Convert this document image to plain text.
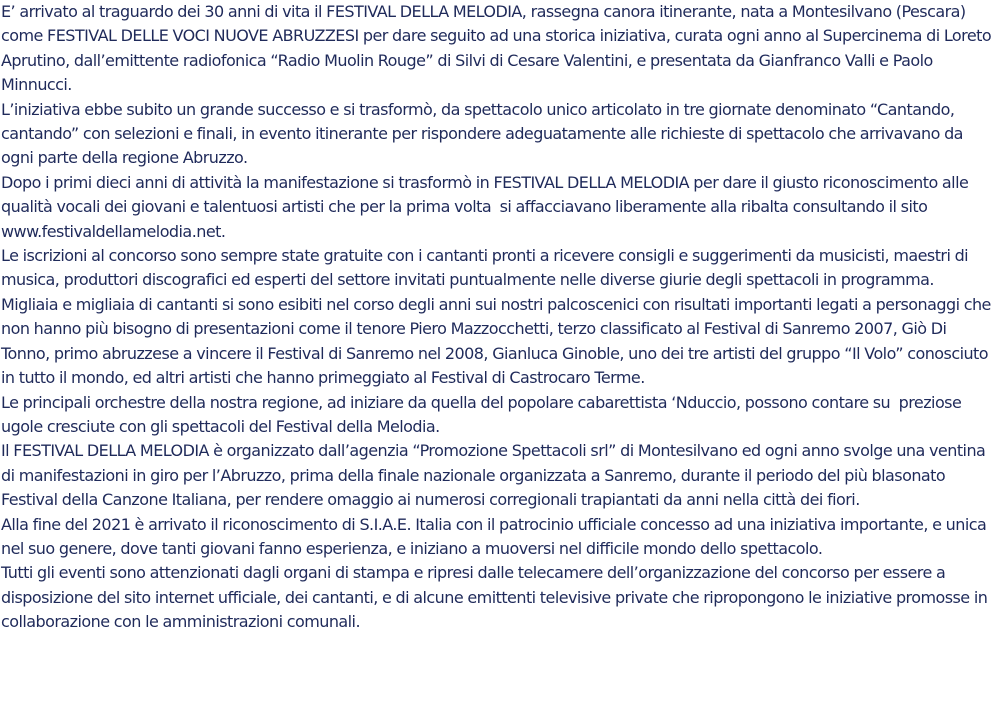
E’ arrivato al traguardo dei 30 anni di vita il FESTIVAL DELLA MELODIA, rassegna canora itinerante, nata a Montesilvano (Pescara) come FESTIVAL DELLE VOCI NUOVE ABRUZZESI per dare seguito ad una storica iniziativa, curata ogni anno al Supercinema di Loreto Aprutino, dall’emittente radiofonica “Radio Muolin Rouge” di Silvi di Cesare Valentini, e presentata da Gianfranco Valli e Paolo Minnucci.

L’iniziativa ebbe subito un grande successo e si trasformò, da spettacolo unico articolato in tre giornate denominato “Cantando, cantando” con selezioni e finali, in evento itinerante per rispondere adeguatamente alle richieste di spettacolo che arrivavano da ogni parte della regione Abruzzo.

Dopo i primi dieci anni di attività la manifestazione si trasformò in FESTIVAL DELLA MELODIA per dare il giusto riconoscimento alle qualità vocali dei giovani e talentuosi artisti che per la prima volta  si affacciavano liberamente alla ribalta consultando il sito www.festivaldellamelodia.net.

Le iscrizioni al concorso sono sempre state gratuite con i cantanti pronti a ricevere consigli e suggerimenti da musicisti, maestri di musica, produttori discografici ed esperti del settore invitati puntualmente nelle diverse giurie degli spettacoli in programma.

Migliaia e migliaia di cantanti si sono esibiti nel corso degli anni sui nostri palcoscenici con risultati importanti legati a personaggi che non hanno più bisogno di presentazioni come il tenore Piero Mazzocchetti, terzo classificato al Festival di Sanremo 2007, Giò Di Tonno, primo abruzzese a vincere il Festival di Sanremo nel 2008, Gianluca Ginoble, uno dei tre artisti del gruppo “Il Volo” conosciuto in tutto il mondo, ed altri artisti che hanno primeggiato al Festival di Castrocaro Terme.

Le principali orchestre della nostra regione, ad iniziare da quella del popolare cabarettista ‘Nduccio, possono contare su  preziose ugole cresciute con gli spettacoli del Festival della Melodia.

Il FESTIVAL DELLA MELODIA è organizzato dall’agenzia “Promozione Spettacoli srl” di Montesilvano ed ogni anno svolge una ventina di manifestazioni in giro per l’Abruzzo, prima della finale nazionale organizzata a Sanremo, durante il periodo del più blasonato Festival della Canzone Italiana, per rendere omaggio ai numerosi corregionali trapiantati da anni nella città dei fiori.

Alla fine del 2021 è arrivato il riconoscimento di S.I.A.E. Italia con il patrocinio ufficiale concesso ad una iniziativa importante, e unica nel suo genere, dove tanti giovani fanno esperienza, e iniziano a muoversi nel difficile mondo dello spettacolo.

Tutti gli eventi sono attenzionati dagli organi di stampa e ripresi dalle telecamere dell’organizzazione del concorso per essere a disposizione del sito internet ufficiale, dei cantanti, e di alcune emittenti televisive private che ripropongono le iniziative promosse in collaborazione con le amministrazioni comunali.
